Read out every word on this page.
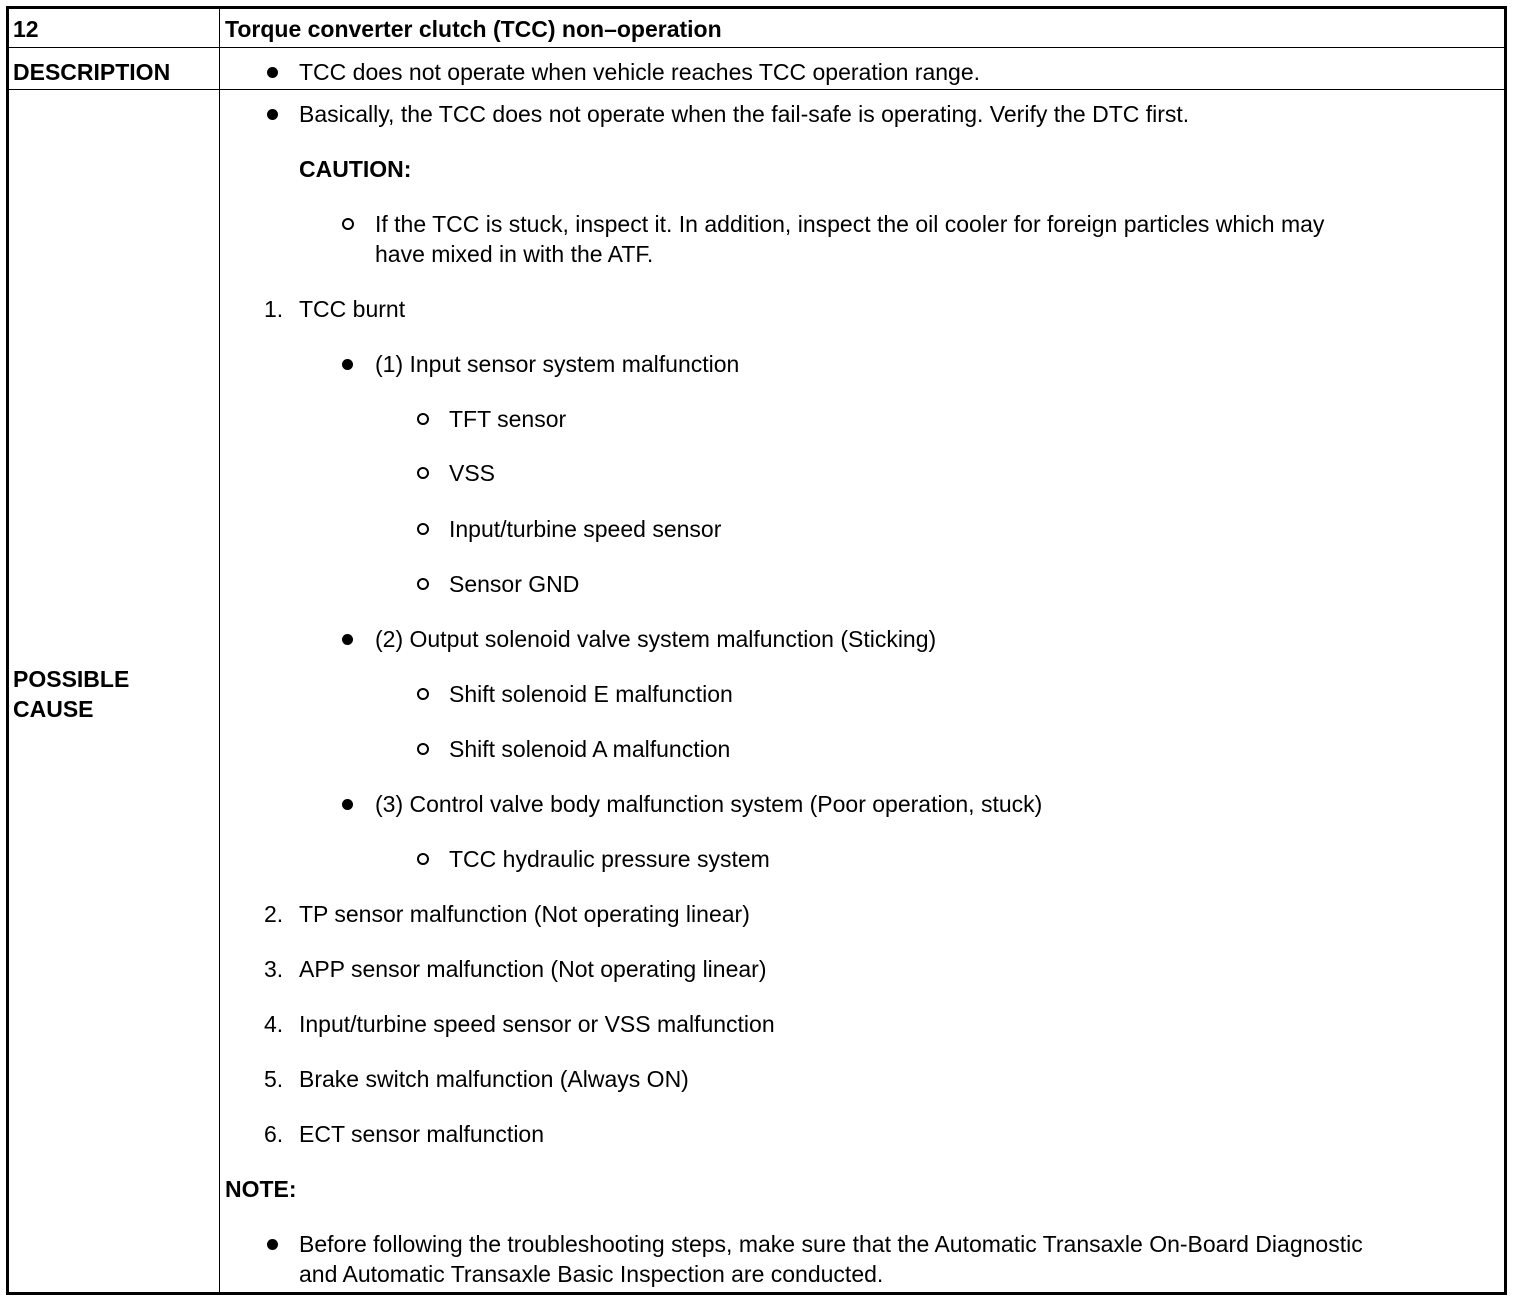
12	Torque converter clutch (TCC) non–operation
DESCRIPTION	TCC does not operate when vehicle reaches TCC operation range.
POSSIBLE
CAUSE
Basically, the TCC does not operate when the fail-safe is operating. Verify the DTC first.
CAUTION:
If the TCC is stuck, inspect it. In addition, inspect the oil cooler for foreign particles which may
have mixed in with the ATF.
1. TCC burnt
(1) Input sensor system malfunction
TFT sensor
VSS
Input/turbine speed sensor
Sensor GND
(2) Output solenoid valve system malfunction (Sticking)
Shift solenoid E malfunction
Shift solenoid A malfunction
(3) Control valve body malfunction system (Poor operation, stuck)
TCC hydraulic pressure system
2. TP sensor malfunction (Not operating linear)
3. APP sensor malfunction (Not operating linear)
4. Input/turbine speed sensor or VSS malfunction
5. Brake switch malfunction (Always ON)
6. ECT sensor malfunction
NOTE:
Before following the troubleshooting steps, make sure that the Automatic Transaxle On-Board Diagnostic
and Automatic Transaxle Basic Inspection are conducted.
